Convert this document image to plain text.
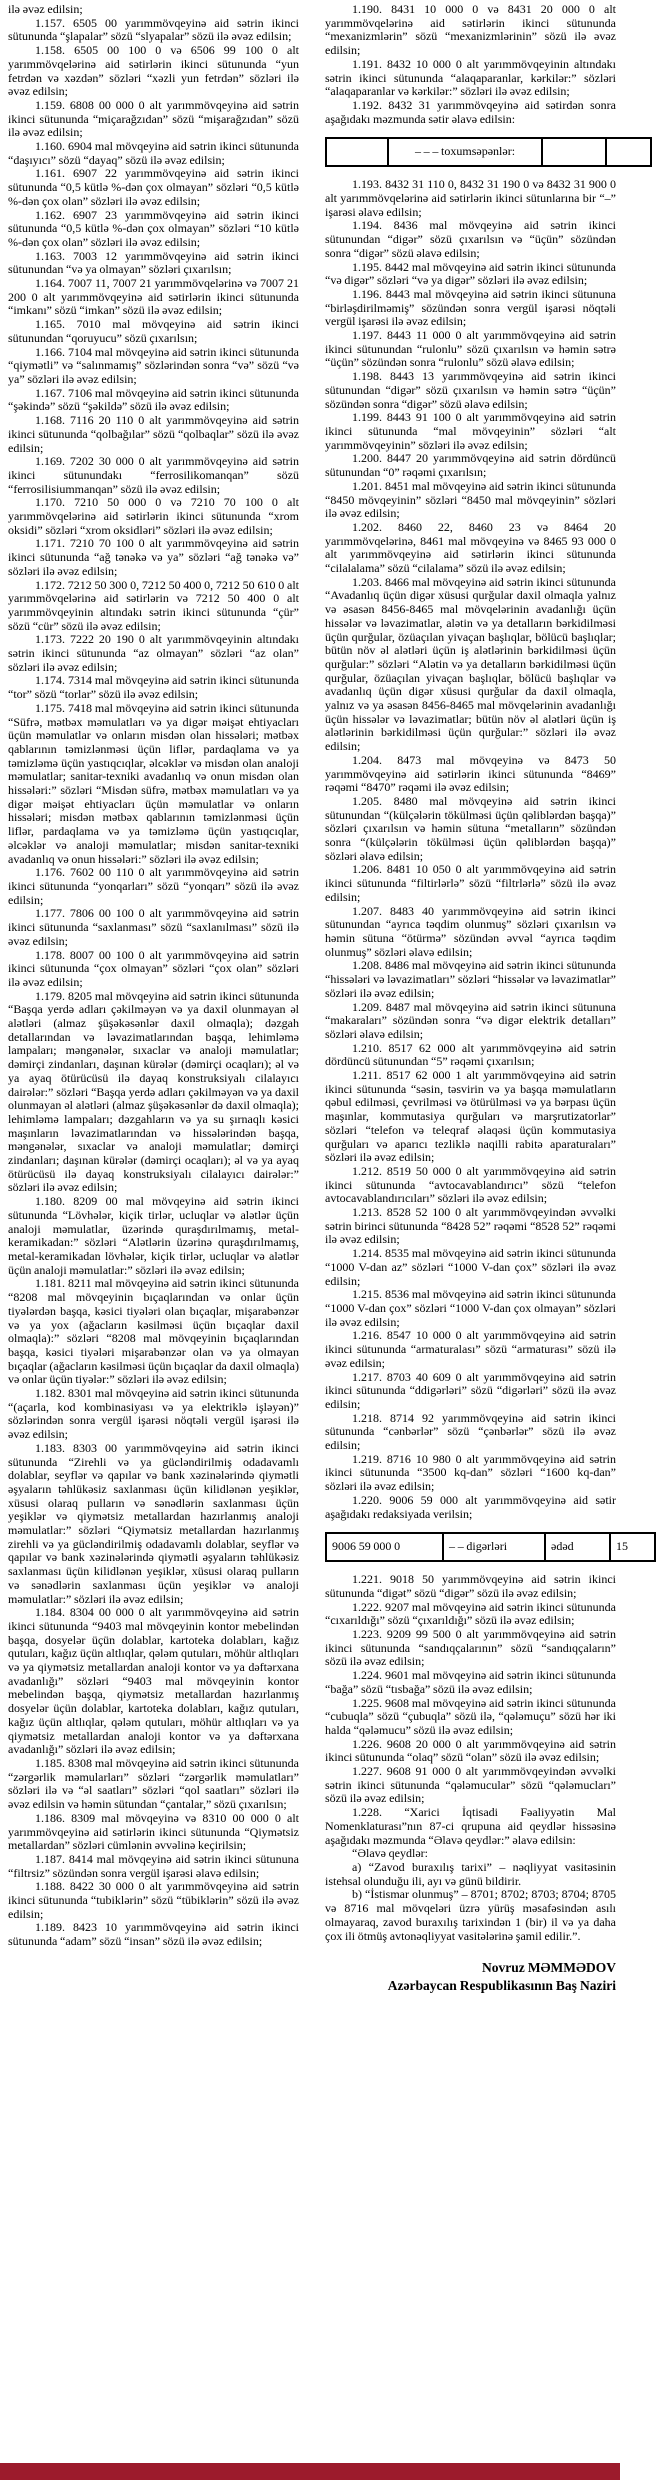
ilə əvəz edilsin;

1.157. 6505 00 yarımmövqeyinə aid sətrin ikinci sütununda “şlapalar” sözü “slyapalar” sözü ilə əvəz edilsin;

1.158. 6505 00 100 0 və 6506 99 100 0 alt yarımmövqelərinə aid sətirlərin ikinci sütununda “yun fetrdən və xəzdən” sözləri “xəzli yun fetrdən” sözləri ilə əvəz edilsin;

1.159. 6808 00 000 0 alt yarımmövqeyinə aid sətrin ikinci sütununda “miçarağzıdan” sözü “mişarağzıdan” sözü ilə əvəz edilsin;

1.160. 6904 mal mövqeyinə aid sətrin ikinci sütununda “daşıyıcı” sözü “dayaq” sözü ilə əvəz edilsin;

1.161. 6907 22 yarımmövqeyinə aid sətrin ikinci sütununda “0,5 kütlə %-dən çox olmayan” sözləri “0,5 kütlə %-dən çox olan” sözləri ilə əvəz edilsin;

1.162. 6907 23 yarımmövqeyinə aid sətrin ikinci sütununda “0,5 kütlə %-dən çox olmayan” sözləri “10 kütlə %-dən çox olan” sözləri ilə əvəz edilsin;

1.163. 7003 12 yarımmövqeyinə aid sətrin ikinci sütunundan “və ya olmayan” sözləri çıxarılsın;

1.164. 7007 11, 7007 21 yarımmövqelərinə və 7007 21 200 0 alt yarımmövqeyinə aid sətirlərin ikinci sütununda “imkanı” sözü “imkan” sözü ilə əvəz edilsin;

1.165. 7010 mal mövqeyinə aid sətrin ikinci sütunundan “qoruyucu” sözü çıxarılsın;

1.166. 7104 mal mövqeyinə aid sətrin ikinci sütununda “qiymətli” və “salınmamış” sözlərindən sonra “və” sözü “və ya” sözləri ilə əvəz edilsin;

1.167. 7106 mal mövqeyinə aid sətrin ikinci sütununda “şəkində” sözü “şəkildə” sözü ilə əvəz edilsin;

1.168. 7116 20 110 0 alt yarımmövqeyinə aid sətrin ikinci sütununda “qolbağılar” sözü “qolbaqlar” sözü ilə əvəz edilsin;

1.169. 7202 30 000 0 alt yarımmövqeyinə aid sətrin ikinci sütunundakı “ferrosilikomanqan” sözü “ferrosilisiummanqan” sözü ilə əvəz edilsin;

1.170. 7210 50 000 0 və 7210 70 100 0 alt yarımmövqelərinə aid sətirlərin ikinci sütununda “xrom oksidi” sözləri “xrom oksidləri” sözləri ilə əvəz edilsin;

1.171. 7210 70 100 0 alt yarımmövqeyinə aid sətrin ikinci sütununda “ağ tənəkə və ya” sözləri “ağ tənəkə və” sözləri ilə əvəz edilsin;

1.172. 7212 50 300 0, 7212 50 400 0, 7212 50 610 0 alt yarımmövqelərinə aid sətirlərin və 7212 50 400 0 alt yarımmövqeyinin altındakı sətrin ikinci sütununda “çür” sözü “cür” sözü ilə əvəz edilsin;

1.173. 7222 20 190 0 alt yarımmövqeyinin altındakı sətrin ikinci sütununda “az olmayan” sözləri “az olan” sözləri ilə əvəz edilsin;

1.174. 7314 mal mövqeyinə aid sətrin ikinci sütununda “tor” sözü “torlar” sözü ilə əvəz edilsin;

1.175. 7418 mal mövqeyinə aid sətrin ikinci sütununda “Süfrə, mətbəx məmulatları və ya digər məişət ehtiyacları üçün məmulatlar və onların misdən olan hissələri; mətbəx qablarının təmizlənməsi üçün liflər, pardaqlama və ya təmizləmə üçün yastıqcıqlar, əlcəklər və misdən olan analoji məmulatlar; sanitar-texniki avadanlıq və onun misdən olan hissələri:” sözləri “Misdən süfrə, mətbəx məmulatları və ya digər məişət ehtiyacları üçün məmulatlar və onların hissələri; misdən mətbəx qablarının təmizlənməsi üçün liflər, pardaqlama və ya təmizləmə üçün yastıqcıqlar, əlcəklər və analoji məmulatlar; misdən sanitar-texniki avadanlıq və onun hissələri:” sözləri ilə əvəz edilsin;

1.176. 7602 00 110 0 alt yarımmövqeyinə aid sətrin ikinci sütununda “yonqarları” sözü “yonqarı” sözü ilə əvəz edilsin;

1.177. 7806 00 100 0 alt yarımmövqeyinə aid sətrin ikinci sütununda “saxlanması” sözü “saxlanılması” sözü ilə əvəz edilsin;

1.178. 8007 00 100 0 alt yarımmövqeyinə aid sətrin ikinci sütununda “çox olmayan” sözləri “çox olan” sözləri ilə əvəz edilsin;

1.179. 8205 mal mövqeyinə aid sətrin ikinci sütununda “Başqa yerdə adları çəkilməyən və ya daxil olunmayan əl alətləri (almaz şüşəkəsənlər daxil olmaqla); dəzgah detallarından və ləvazimatlarından başqa, lehimləmə lampaları; məngənələr, sıxaclar və analoji məmulatlar; dəmirçi zindanları, daşınan kürələr (dəmirçi ocaqları); əl və ya ayaq ötürücüsü ilə dayaq konstruksiyalı cilalayıcı dairələr:” sözləri “Başqa yerdə adları çəkilməyən və ya daxil olunmayan əl alətləri (almaz şüşəkəsənlər də daxil olmaqla); lehimləmə lampaları; dəzgahların və ya su şırnaqlı kəsici maşınların ləvazimatlarından və hissələrindən başqa, məngənələr, sıxaclar və analoji məmulatlar; dəmirçi zindanları; daşınan kürələr (dəmirçi ocaqları); əl və ya ayaq ötürücüsü ilə dayaq konstruksiyalı cilalayıcı dairələr:” sözləri ilə əvəz edilsin;

1.180. 8209 00 mal mövqeyinə aid sətrin ikinci sütununda “Lövhələr, kiçik tirlər, ucluqlar və alətlər üçün analoji məmulatlar, üzərində quraşdırılmamış, metal-keramikadan:” sözləri “Alətlərin üzərinə quraşdırılmamış, metal-keramikadan lövhələr, kiçik tirlər, ucluqlar və alətlər üçün analoji məmulatlar:” sözləri ilə əvəz edilsin;

1.181. 8211 mal mövqeyinə aid sətrin ikinci sütununda “8208 mal mövqeyinin bıçaqlarından və onlar üçün tiyələrdən başqa, kəsici tiyələri olan bıçaqlar, mişarabənzər və ya yox (ağacların kəsilməsi üçün bıçaqlar daxil olmaqla):” sözləri “8208 mal mövqeyinin bıçaqlarından başqa, kəsici tiyələri mişarabənzər olan və ya olmayan bıçaqlar (ağacların kəsilməsi üçün bıçaqlar da daxil olmaqla) və onlar üçün tiyələr:” sözləri ilə əvəz edilsin;

1.182. 8301 mal mövqeyinə aid sətrin ikinci sütununda “(açarla, kod kombinasiyası və ya elektriklə işləyən)” sözlərindən sonra vergül işarəsi nöqtəli vergül işarəsi ilə əvəz edilsin;

1.183. 8303 00 yarımmövqeyinə aid sətrin ikinci sütununda “Zirehli və ya gücləndirilmiş odadavamlı dolablar, seyflər və qapılar və bank xəzinələrində qiymətli əşyaların təhlükəsiz saxlanması üçün kilidlənən yeşiklər, xüsusi olaraq pulların və sənədlərin saxlanması üçün yeşiklər və qiymətsiz metallardan hazırlanmış analoji məmulatlar:” sözləri “Qiymətsiz metallardan hazırlanmış zirehli və ya gücləndirilmiş odadavamlı dolablar, seyflər və qapılar və bank xəzinələrində qiymətli əşyaların təhlükəsiz saxlanması üçün kilidlənən yeşiklər, xüsusi olaraq pulların və sənədlərin saxlanması üçün yeşiklər və analoji məmulatlar:” sözləri ilə əvəz edilsin;

1.184. 8304 00 000 0 alt yarımmövqeyinə aid sətrin ikinci sütununda “9403 mal mövqeyinin kontor mebelindən başqa, dosyelər üçün dolablar, kartoteka dolabları, kağız qutuları, kağız üçün altlıqlar, qələm qutuları, möhür altlıqları və ya qiymətsiz metallardan analoji kontor və ya dəftərxana avadanlığı” sözləri “9403 mal mövqeyinin kontor mebelindən başqa, qiymətsiz metallardan hazırlanmış dosyelər üçün dolablar, kartoteka dolabları, kağız qutuları, kağız üçün altlıqlar, qələm qutuları, möhür altlıqları və ya qiymətsiz metallardan analoji kontor və ya dəftərxana avadanlığı” sözləri ilə əvəz edilsin;

1.185. 8308 mal mövqeyinə aid sətrin ikinci sütununda “zərgərlik məmularları” sözləri “zərgərlik məmulatları” sözləri ilə və “əl saatları” sözləri “qol saatları” sözləri ilə əvəz edilsin və həmin sütundan “çantalar,” sözü çıxarılsın;

1.186. 8309 mal mövqeyinə və 8310 00 000 0 alt yarımmövqeyinə aid sətirlərin ikinci sütununda “Qiymətsiz metallardan” sözləri cümlənin əvvəlinə keçirilsin;

1.187. 8414 mal mövqeyinə aid sətrin ikinci sütununa “filtrsiz” sözündən sonra vergül işarəsi əlavə edilsin;

1.188. 8422 30 000 0 alt yarımmövqeyinə aid sətrin ikinci sütununda “tubiklərin” sözü “tübiklərin” sözü ilə əvəz edilsin;

1.189. 8423 10 yarımmövqeyinə aid sətrin ikinci sütununda “adam” sözü “insan” sözü ilə əvəz edilsin;

1.190. 8431 10 000 0 və 8431 20 000 0 alt yarımmövqelərinə aid sətirlərin ikinci sütununda “mexanizmlərin” sözü “mexanizmlərinin” sözü ilə əvəz edilsin;

1.191. 8432 10 000 0 alt yarımmövqeyinin altındakı sətrin ikinci sütununda “alaqaparanlar, kərkilər:” sözləri “alaqaparanlar və kərkilər:” sözləri ilə əvəz edilsin;

1.192. 8432 31 yarımmövqeyinə aid sətirdən sonra aşağıdakı məzmunda sətir əlavə edilsin:

	– – – toxumsəpənlər:		

1.193. 8432 31 110 0, 8432 31 190 0 və 8432 31 900 0 alt yarımmövqelərinə aid sətirlərin ikinci sütunlarına bir “–” işarəsi əlavə edilsin;

1.194. 8436 mal mövqeyinə aid sətrin ikinci sütunundan “digər” sözü çıxarılsın və “üçün” sözündən sonra “digər” sözü əlavə edilsin;

1.195. 8442 mal mövqeyinə aid sətrin ikinci sütununda “və digər” sözləri “və ya digər” sözləri ilə əvəz edilsin;

1.196. 8443 mal mövqeyinə aid sətrin ikinci sütununa “birləşdirilməmiş” sözündən sonra vergül işarəsi nöqtəli vergül işarəsi ilə əvəz edilsin;

1.197. 8443 11 000 0 alt yarımmövqeyinə aid sətrin ikinci sütunundan “rulonlu” sözü çıxarılsın və həmin sətrə “üçün” sözündən sonra “rulonlu” sözü əlavə edilsin;

1.198. 8443 13 yarımmövqeyinə aid sətrin ikinci sütunundan “digər” sözü çıxarılsın və həmin sətrə “üçün” sözündən sonra “digər” sözü əlavə edilsin;

1.199. 8443 91 100 0 alt yarımmövqeyinə aid sətrin ikinci sütununda “mal mövqeyinin” sözləri “alt yarımmövqeyinin” sözləri ilə əvəz edilsin;

1.200. 8447 20 yarımmövqeyinə aid sətrin dördüncü sütunundan “0” rəqəmi çıxarılsın;

1.201. 8451 mal mövqeyinə aid sətrin ikinci sütununda “8450 mövqeyinin” sözləri “8450 mal mövqeyinin” sözləri ilə əvəz edilsin;

1.202. 8460 22, 8460 23 və 8464 20 yarımmövqelərinə, 8461 mal mövqeyinə və 8465 93 000 0 alt yarımmövqeyinə aid sətirlərin ikinci sütununda “cilalalama” sözü “cilalama” sözü ilə əvəz edilsin;

1.203. 8466 mal mövqeyinə aid sətrin ikinci sütununda “Avadanlıq üçün digər xüsusi qurğular daxil olmaqla yalnız və əsasən 8456-8465 mal mövqelərinin avadanlığı üçün hissələr və ləvazimatlar, alətin və ya detalların bərkidilməsi üçün qurğular, özüaçılan yivaçan başlıqlar, bölücü başlıqlar; bütün növ əl alətləri üçün iş alətlərinin bərkidilməsi üçün qurğular:” sözləri “Alətin və ya detalların bərkidilməsi üçün qurğular, özüaçılan yivaçan başlıqlar, bölücü başlıqlar və avadanlıq üçün digər xüsusi qurğular da daxil olmaqla, yalnız və ya əsasən 8456-8465 mal mövqelərinin avadanlığı üçün hissələr və ləvazimatlar; bütün növ əl alətləri üçün iş alətlərinin bərkidilməsi üçün qurğular:” sözləri ilə əvəz edilsin;

1.204. 8473 mal mövqeyinə və 8473 50 yarımmövqeyinə aid sətirlərin ikinci sütununda “8469” rəqəmi “8470” rəqəmi ilə əvəz edilsin;

1.205. 8480 mal mövqeyinə aid sətrin ikinci sütunundan “(külçələrin tökülməsi üçün qəliblərdən başqa)” sözləri çıxarılsın və həmin sütuna “metalların” sözündən sonra “(külçələrin tökülməsi üçün qəliblərdən başqa)” sözləri əlavə edilsin;

1.206. 8481 10 050 0 alt yarımmövqeyinə aid sətrin ikinci sütununda “filtirlərlə” sözü “filtrlərlə” sözü ilə əvəz edilsin;

1.207. 8483 40 yarımmövqeyinə aid sətrin ikinci sütunundan “ayrıca təqdim olunmuş” sözləri çıxarılsın və həmin sütuna “ötürmə” sözündən əvvəl “ayrıca təqdim olunmuş” sözləri əlavə edilsin;

1.208. 8486 mal mövqeyinə aid sətrin ikinci sütununda “hissələri və ləvazimatları” sözləri “hissələr və ləvazimatlar” sözləri ilə əvəz edilsin;

1.209. 8487 mal mövqeyinə aid sətrin ikinci sütununa “makaraları” sözündən sonra “və digər elektrik detalları” sözləri əlavə edilsin;

1.210. 8517 62 000 alt yarımmövqeyinə aid sətrin dördüncü sütunundan “5” rəqəmi çıxarılsın;

1.211. 8517 62 000 1 alt yarımmövqeyinə aid sətrin ikinci sütununda “səsin, təsvirin və ya başqa məmulatların qəbul edilməsi, çevrilməsi və ötürülməsi və ya bərpası üçün maşınlar, kommutasiya qurğuları və marşrutizatorlar” sözləri “telefon və teleqraf əlaqəsi üçün kommutasiya qurğuları və aparıcı tezliklə naqilli rabitə aparaturaları” sözləri ilə əvəz edilsin;

1.212. 8519 50 000 0 alt yarımmövqeyinə aid sətrin ikinci sütununda “avtocavablandırıcı” sözü “telefon avtocavablandırıcıları” sözləri ilə əvəz edilsin;

1.213. 8528 52 100 0 alt yarımmövqeyindən əvvəlki sətrin birinci sütununda “8428 52” rəqəmi “8528 52” rəqəmi ilə əvəz edilsin;

1.214. 8535 mal mövqeyinə aid sətrin ikinci sütununda “1000 V-dan az” sözləri “1000 V-dan çox” sözləri ilə əvəz edilsin;

1.215. 8536 mal mövqeyinə aid sətrin ikinci sütununda “1000 V-dan çox” sözləri “1000 V-dan çox olmayan” sözləri ilə əvəz edilsin;

1.216. 8547 10 000 0 alt yarımmövqeyinə aid sətrin ikinci sütununda “armaturalası” sözü “armaturası” sözü ilə əvəz edilsin;

1.217. 8703 40 609 0 alt yarımmövqeyinə aid sətrin ikinci sütununda “ddigərləri” sözü “digərləri” sözü ilə əvəz edilsin;

1.218. 8714 92 yarımmövqeyinə aid sətrin ikinci sütununda “cənbərlər” sözü “çənbərlər” sözü ilə əvəz edilsin;

1.219. 8716 10 980 0 alt yarımmövqeyinə aid sətrin ikinci sütununda “3500 kq-dan” sözləri “1600 kq-dan” sözləri ilə əvəz edilsin;

1.220. 9006 59 000 alt yarımmövqeyinə aid sətir aşağıdakı redaksiyada verilsin;

9006 59 000 0	– – digərləri	ədəd	15

1.221. 9018 50 yarımmövqeyinə aid sətrin ikinci sütununda “digət” sözü “digər” sözü ilə əvəz edilsin;

1.222. 9207 mal mövqeyinə aid sətrin ikinci sütununda “cıxarıldığı” sözü “çıxarıldığı” sözü ilə əvəz edilsin;

1.223. 9209 99 500 0 alt yarımmövqeyinə aid sətrin ikinci sütununda “sandıqçalarının” sözü “sandıqçaların” sözü ilə əvəz edilsin;

1.224. 9601 mal mövqeyinə aid sətrin ikinci sütununda “bağa” sözü “tısbağa” sözü ilə əvəz edilsin;

1.225. 9608 mal mövqeyinə aid sətrin ikinci sütununda “cubuqla” sözü “çubuqla” sözü ilə, “qələmuçu” sözü hər iki halda “qələmucu” sözü ilə əvəz edilsin;

1.226. 9608 20 000 0 alt yarımmövqeyinə aid sətrin ikinci sütununda “olaq” sözü “olan” sözü ilə əvəz edilsin;

1.227. 9608 91 000 0 alt yarımmövqeyindən əvvəlki sətrin ikinci sütununda “qələmucular” sözü “qələmucları” sözü ilə əvəz edilsin;

1.228. “Xarici İqtisadi Fəaliyyətin Mal Nomenklaturası”nın 87-ci qrupuna aid qeydlər hissəsinə aşağıdakı məzmunda “Əlavə qeydlər:” əlavə edilsin:

“Əlavə qeydlər:

a) “Zavod buraxılış tarixi” – nəqliyyat vasitəsinin istehsal olunduğu ili, ayı və günü bildirir.

b) “İstismar olunmuş” – 8701; 8702; 8703; 8704; 8705 və 8716 mal mövqeləri üzrə yürüş məsafəsindən asılı olmayaraq, zavod buraxılış tarixindən 1 (bir) il və ya daha çox ili ötmüş avtonəqliyyat vasitələrinə şamil edilir.”.

Novruz MƏMMƏDOV
Azərbaycan Respublikasının Baş Naziri
